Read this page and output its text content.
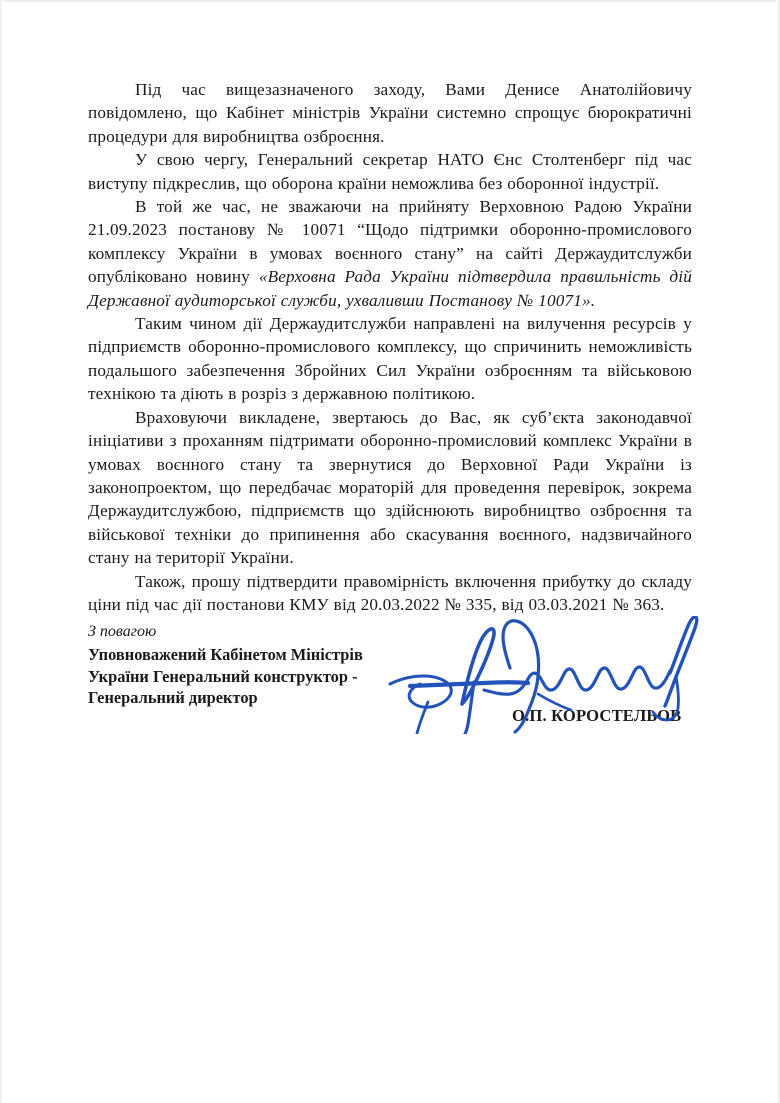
Під час вищезазначеного заходу, Вами Денисе Анатолійовичу повідомлено, що Кабінет міністрів України системно спрощує бюрократичні процедури для виробництва озброєння.

У свою чергу, Генеральний секретар НАТО Єнс Столтенберг під час виступу підкреслив, що оборона країни неможлива без оборонної індустрії.

В той же час, не зважаючи на прийняту Верховною Радою України 21.09.2023 постанову № 10071 “Щодо підтримки оборонно-промислового комплексу України в умовах воєнного стану” на сайті Держаудитслужби опубліковано новину «Верховна Рада України підтвердила правильність дій Державної аудиторської служби, ухваливши Постанову № 10071».

Таким чином дії Держаудитслужби направлені на вилучення ресурсів у підприємств оборонно-промислового комплексу, що спричинить неможливість подальшого забезпечення Збройних Сил України озброєнням та військовою технікою та діють в розріз з державною політикою.

Враховуючи викладене, звертаюсь до Вас, як суб’єкта законодавчої ініціативи з проханням підтримати оборонно-промисловий комплекс України в умовах воєнного стану та звернутися до Верховної Ради України із законопроектом, що передбачає мораторій для проведення перевірок, зокрема Держаудитслужбою, підприємств що здійснюють виробництво озброєння та військової техніки до припинення або скасування воєнного, надзвичайного стану на території України.

Також, прошу підтвердити правомірність включення прибутку до складу ціни під час дії постанови КМУ від 20.03.2022 № 335, від 03.03.2021 № 363.

З повагою
Уповноважений Кабінетом Міністрів
України Генеральний конструктор -
Генеральний директор
О.П. КОРОСТЕЛЬОВ
